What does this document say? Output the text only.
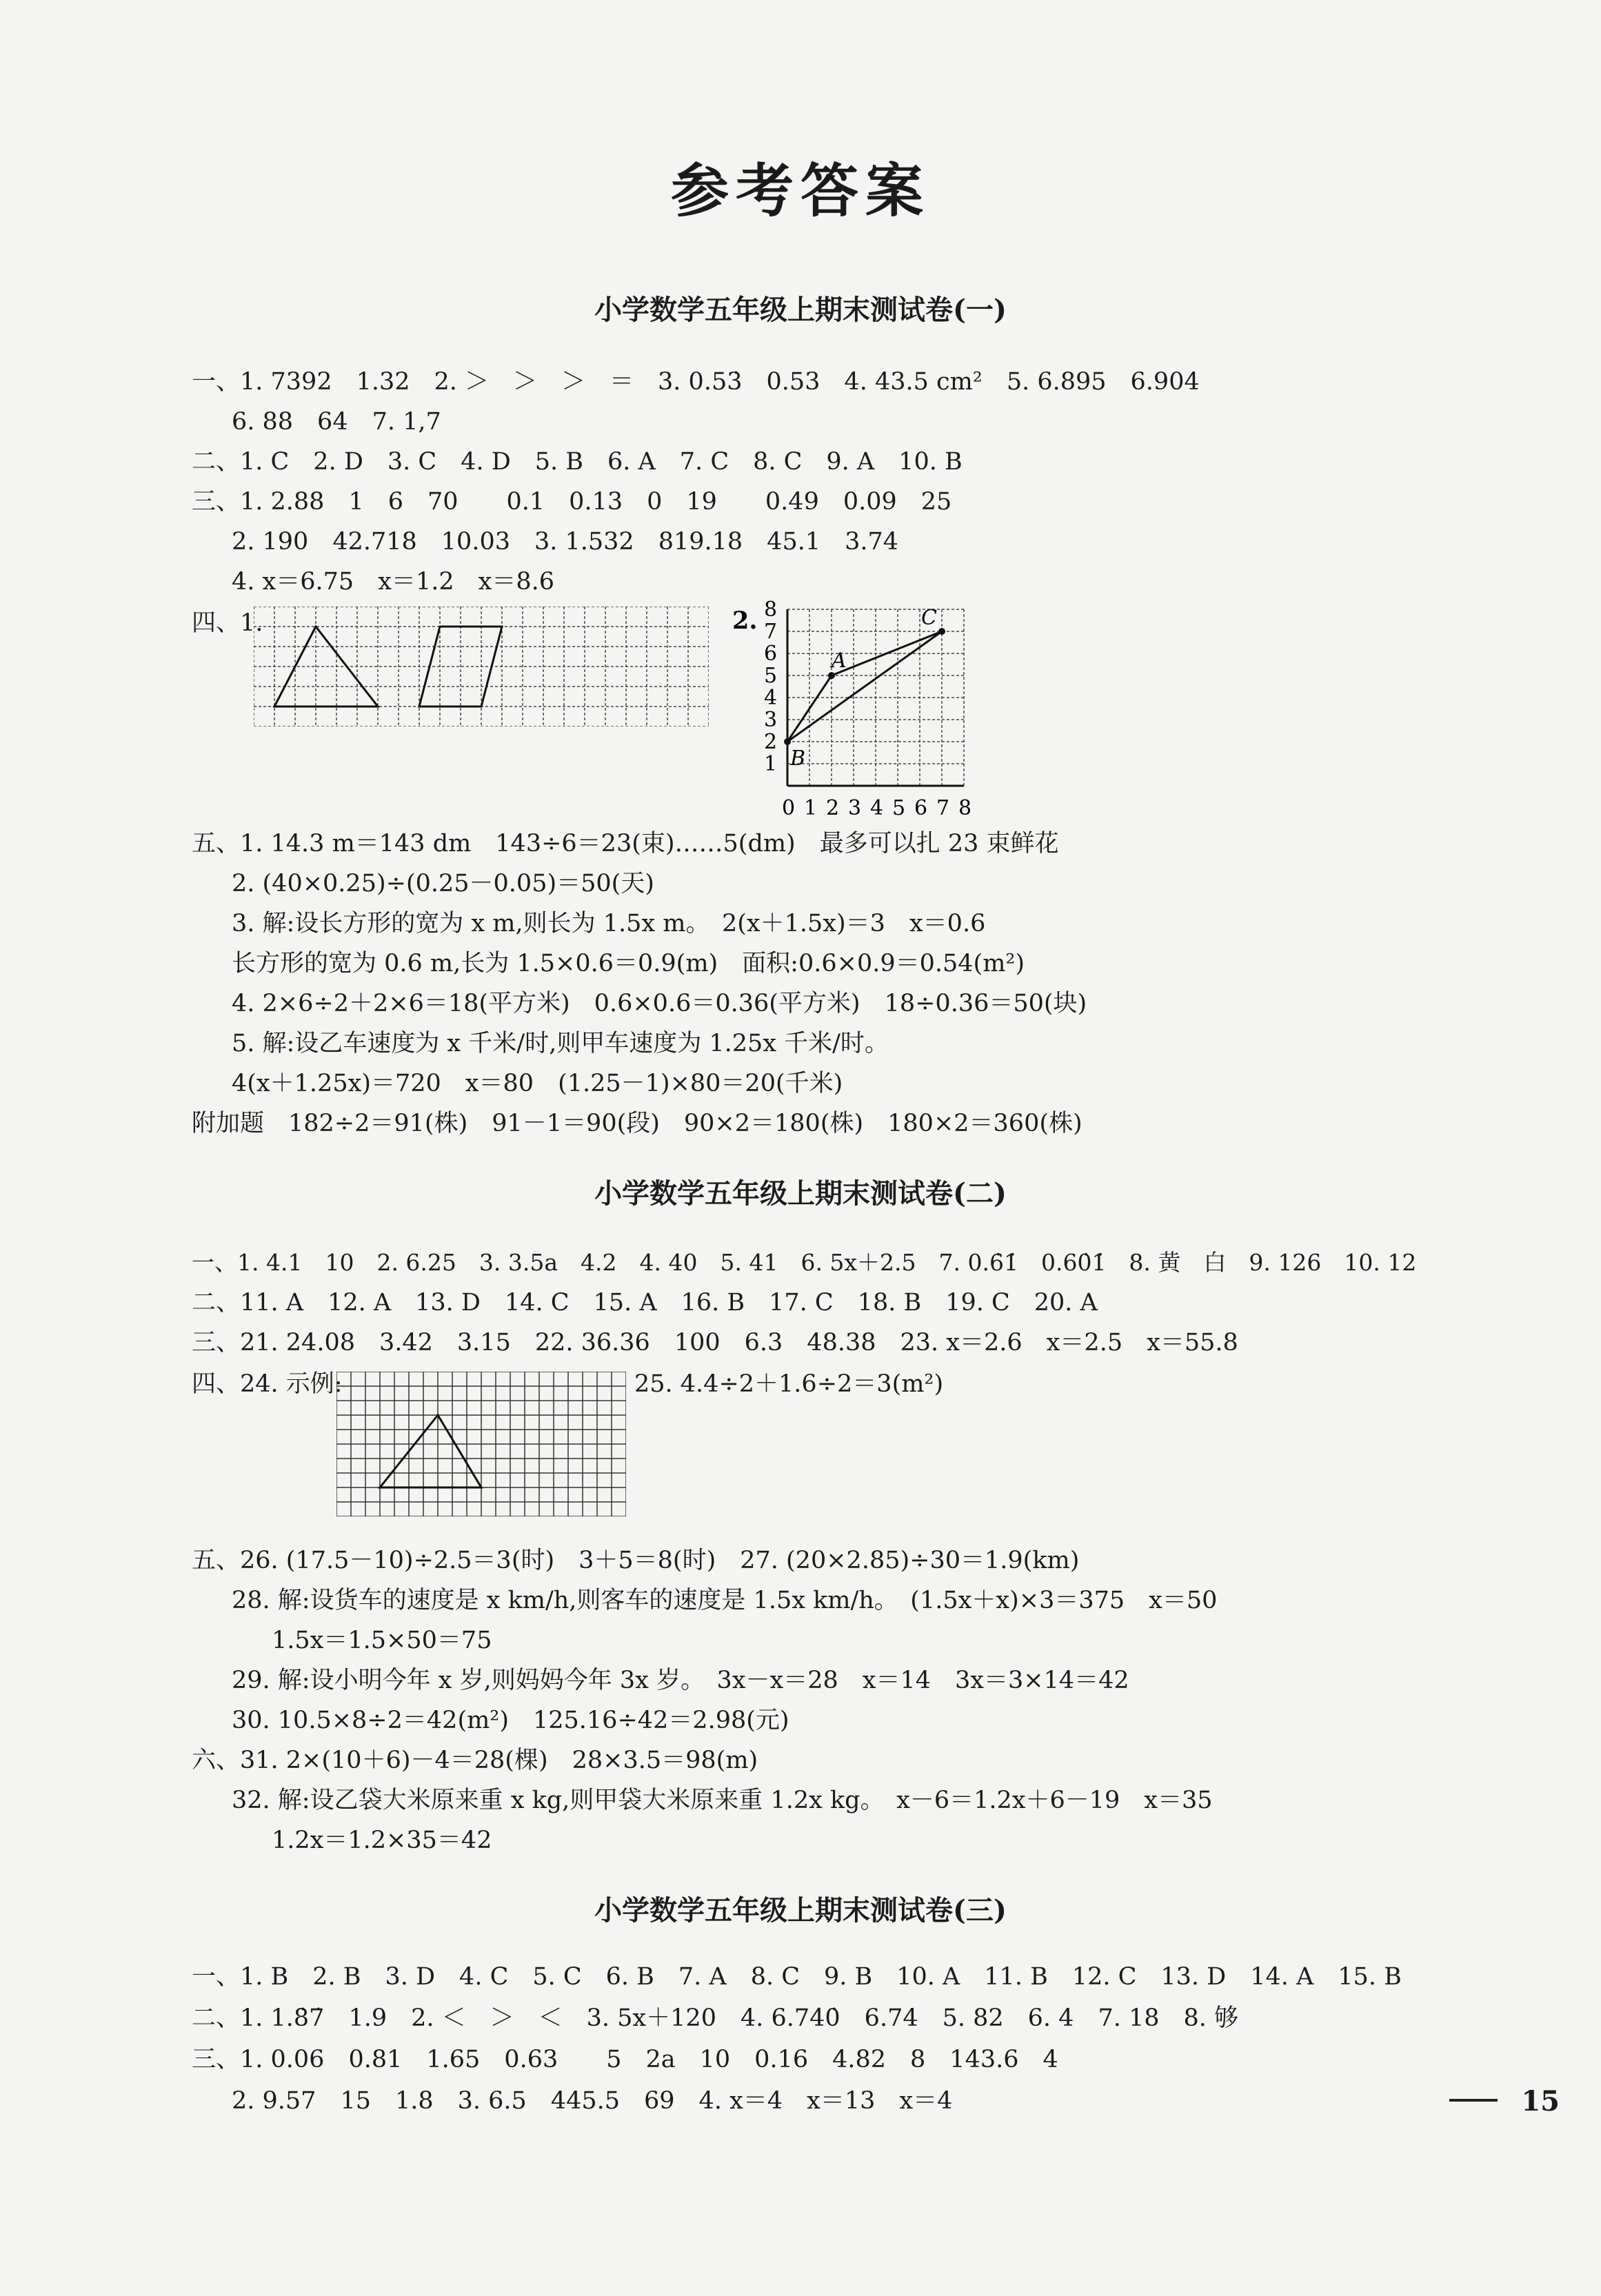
参考答案
小学数学五年级上期末测试卷(一)
一、1. 7392　1.32　2. ＞　＞　＞　＝　3. 0.53̇　0.53　4. 43.5 cm²　5. 6.895　6.904
6. 88　64　7. 1,7
二、1. C　2. D　3. C　4. D　5. B　6. A　7. C　8. C　9. A　10. B
三、1. 2.88　1　6　70　　0.1　0.13　0　19　　0.49　0.09　25
2. 190　42.718　10.03　3. 1.532　819.18　45.1　3.74
4. x＝6.75　x＝1.2　x＝8.6
四、1.	2.
0 1 2 3 4 5 6 7 8
1
2
3
4
5
6
7
8
A
B
C
五、1. 14.3 m＝143 dm　143÷6＝23(束)……5(dm)　最多可以扎 23 束鲜花
2. (40×0.25)÷(0.25－0.05)＝50(天)
3. 解:设长方形的宽为 x m,则长为 1.5x m。　2(x＋1.5x)＝3　x＝0.6
长方形的宽为 0.6 m,长为 1.5×0.6＝0.9(m)　面积:0.6×0.9＝0.54(m²)
4. 2×6÷2＋2×6＝18(平方米)　0.6×0.6＝0.36(平方米)　18÷0.36＝50(块)
5. 解:设乙车速度为 x 千米/时,则甲车速度为 1.25x 千米/时。
4(x＋1.25x)＝720　x＝80　(1.25－1)×80＝20(千米)
附加题　182÷2＝91(株)　91－1＝90(段)　90×2＝180(株)　180×2＝360(株)
小学数学五年级上期末测试卷(二)
一、1. 4.1　10　2. 6.25　3. 3.5a　4.2　4. 40　5. 41　6. 5x＋2.5　7. 0.6̇1̇　0.60̇1̇　8. 黄　白　9. 126　10. 12
二、11. A　12. A　13. D　14. C　15. A　16. B　17. C　18. B　19. C　20. A
三、21. 24.08　3.42　3.15　22. 36.36　100　6.3　48.38　23. x＝2.6　x＝2.5　x＝55.8
四、24. 示例:	25. 4.4÷2＋1.6÷2＝3(m²)
五、26. (17.5－10)÷2.5＝3(时)　3＋5＝8(时)　27. (20×2.85)÷30＝1.9(km)
28. 解:设货车的速度是 x km/h,则客车的速度是 1.5x km/h。　(1.5x＋x)×3＝375　x＝50
1.5x＝1.5×50＝75
29. 解:设小明今年 x 岁,则妈妈今年 3x 岁。　3x－x＝28　x＝14　3x＝3×14＝42
30. 10.5×8÷2＝42(m²)　125.16÷42＝2.98(元)
六、31. 2×(10＋6)－4＝28(棵)　28×3.5＝98(m)
32. 解:设乙袋大米原来重 x kg,则甲袋大米原来重 1.2x kg。　x－6＝1.2x＋6－19　x＝35
1.2x＝1.2×35＝42
小学数学五年级上期末测试卷(三)
一、1. B　2. B　3. D　4. C　5. C　6. B　7. A　8. C　9. B　10. A　11. B　12. C　13. D　14. A　15. B
二、1. 1.8̇7̇　1.9　2. ＜　＞　＜　3. 5x＋120　4. 6.74̇0̇　6.74　5. 82　6. 4　7. 18　8. 够
三、1. 0.06　0.81　1.65　0.63　　5　2a　10　0.16　4.82　8　143.6　4
2. 9.57　15　1.8　3. 6.5　445.5　69　4. x＝4　x＝13　x＝4	15
